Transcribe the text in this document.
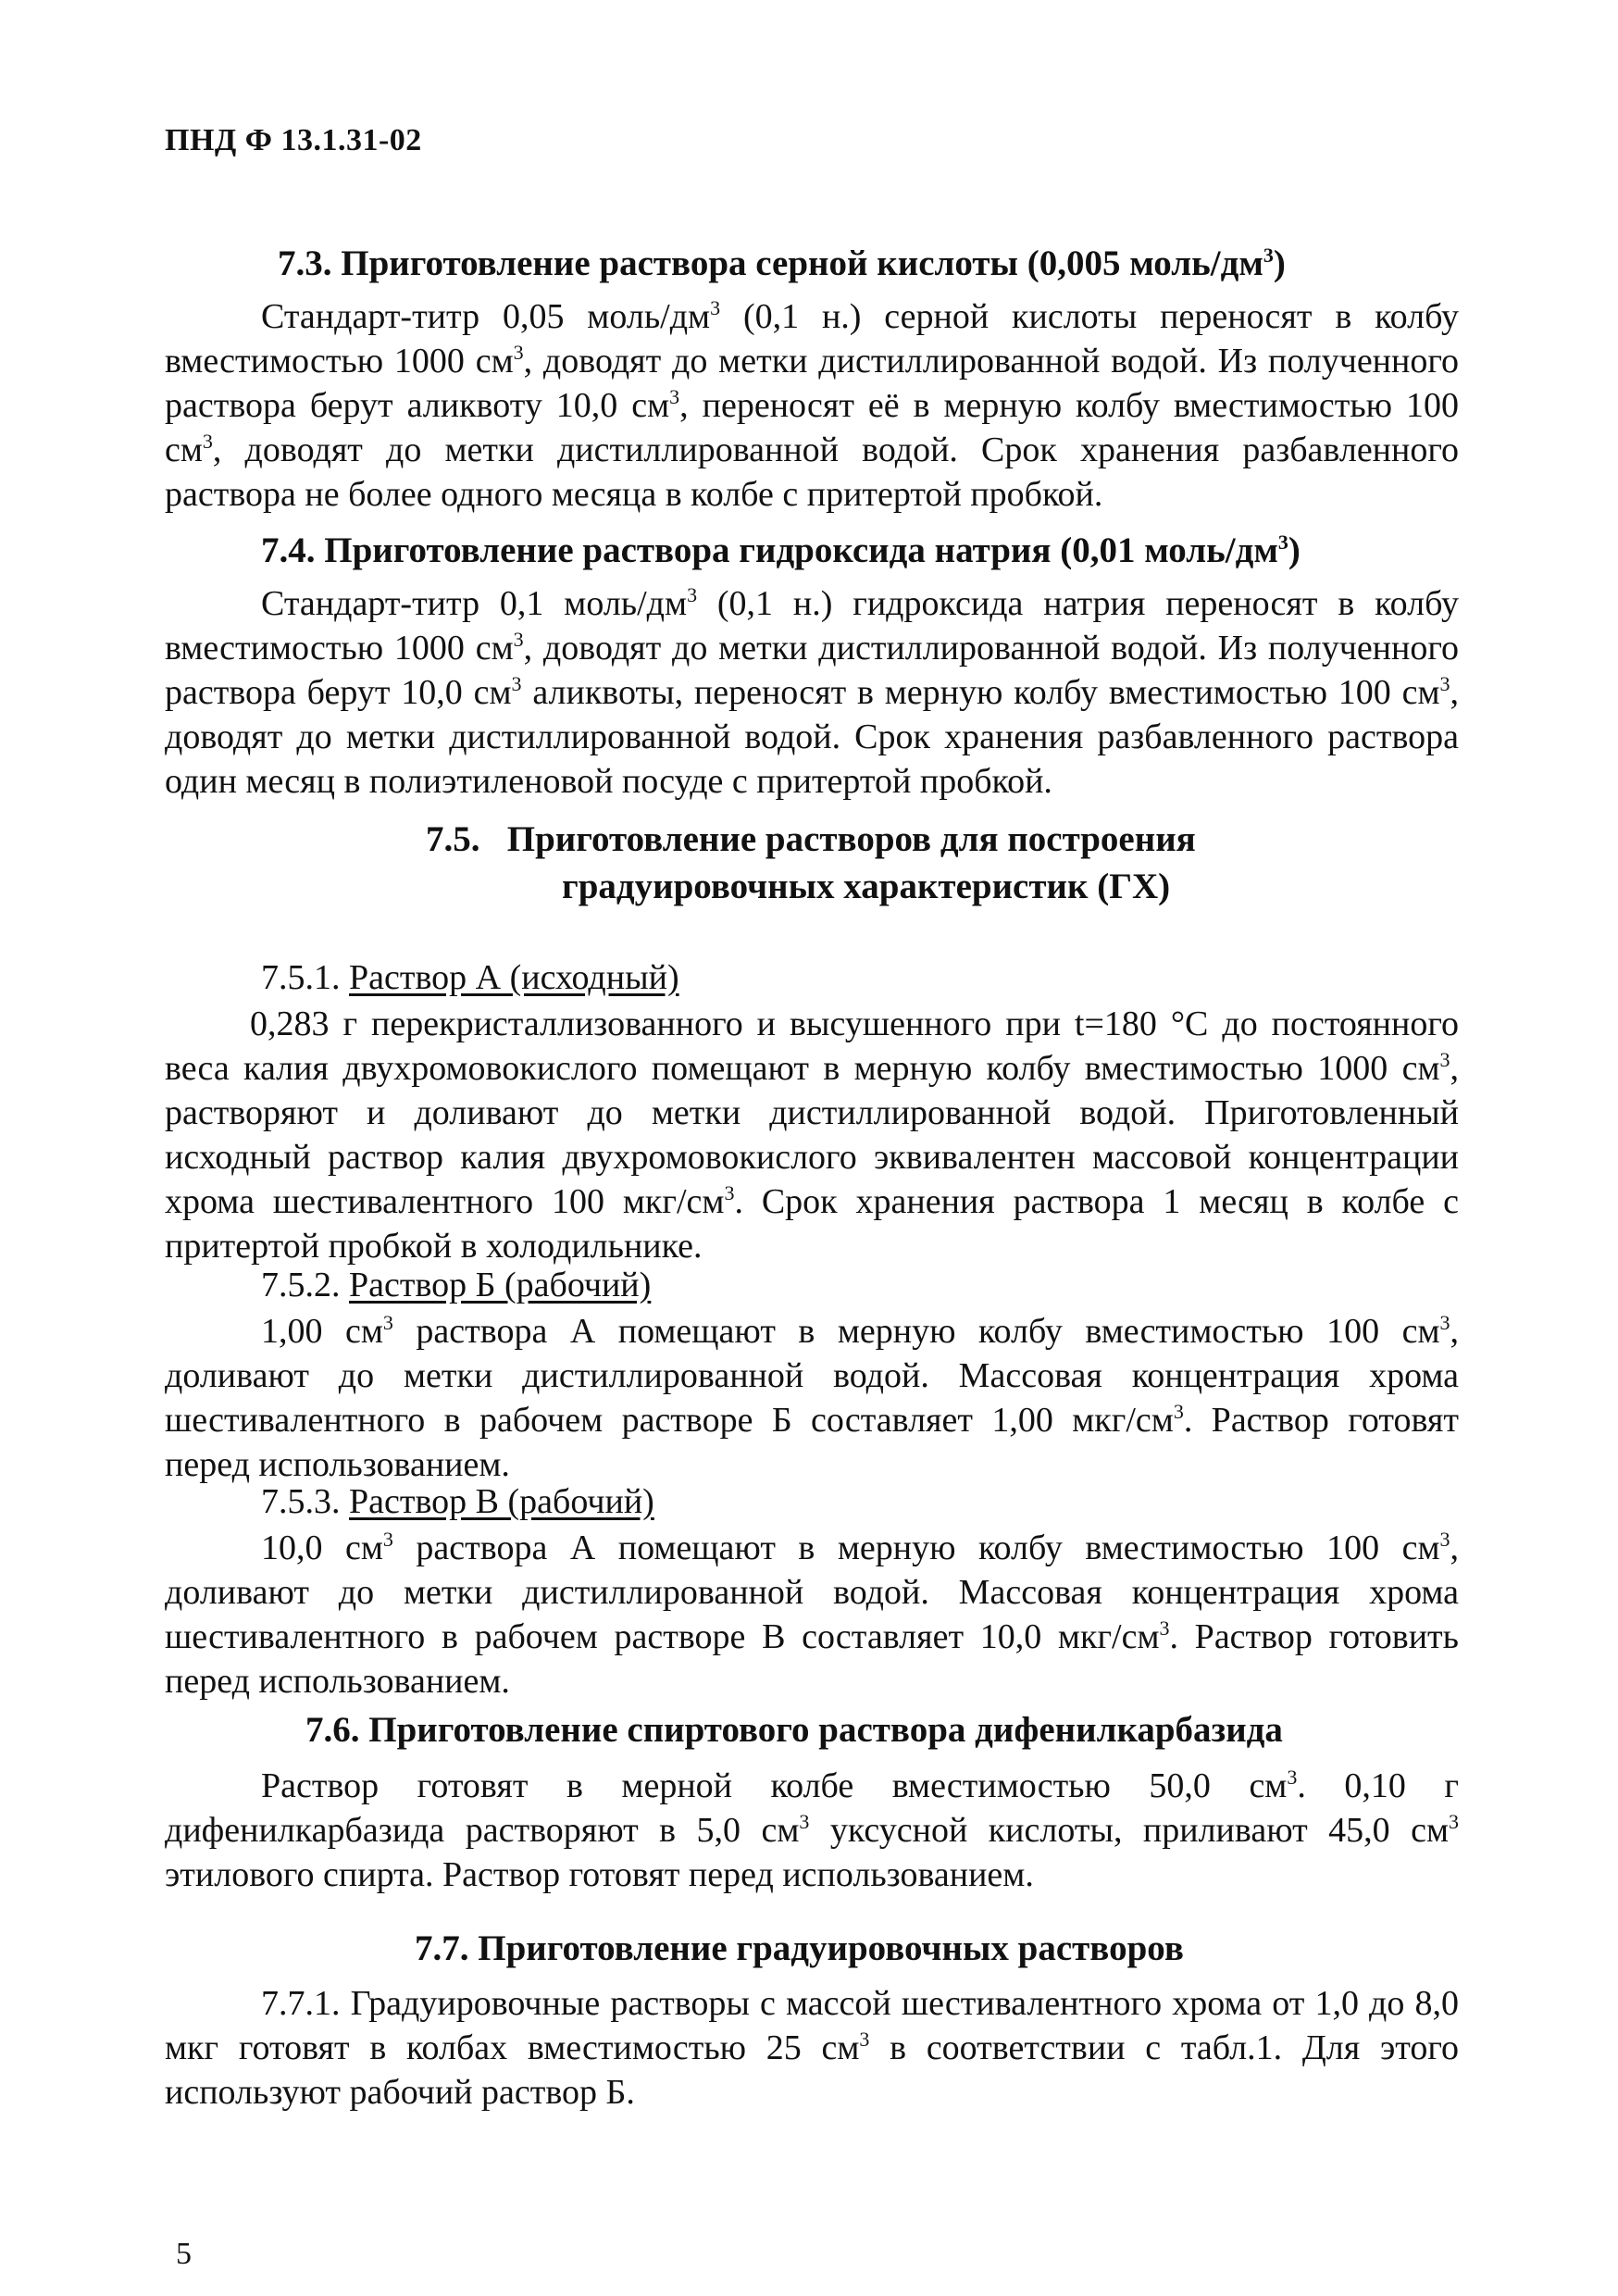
ПНД Ф 13.1.31-02
7.3. Приготовление раствора серной кислоты (0,005 моль/$дм^3$)

Стандарт-титр 0,05 моль/$дм^3$ (0,1 н.) серной кислоты переносят в колбу вместимостью 1000 $см^3$, доводят до метки дистиллированной водой. Из полученного раствора берут аликвоту 10,0 $см^3$, переносят её в мерную колбу вместимостью 100 $см^3$, доводят до метки дистиллированной водой. Срок хранения разбавленного раствора не более одного месяца в колбе с притертой пробкой.

7.4. Приготовление раствора гидроксида натрия (0,01 моль/$дм^3$)

Стандарт-титр 0,1 моль/$дм^3$ (0,1 н.) гидроксида натрия переносят в колбу вместимостью 1000 $см^3$, доводят до метки дистиллированной водой. Из полученного раствора берут 10,0 $см^3$ аликвоты, переносят в мерную колбу вместимостью 100 $см^3$, доводят до метки дистиллированной водой. Срок хранения разбавленного раствора один месяц в полиэтиленовой посуде с притертой пробкой.

7.5.   Приготовление растворов для построения
градуировочных характеристик (ГХ)
7.5.1. Раствор А (исходный)

0,283 г перекристаллизованного и высушенного при t=180 °С до постоянного веса калия двухромовокислого помещают в мерную колбу вместимостью 1000 $см^3$, растворяют и доливают до метки дистиллированной водой. Приготовленный исходный раствор калия двухромовокислого эквивалентен массовой концентрации хрома шестивалентного 100 мкг/$см^3$. Срок хранения раствора 1 месяц в колбе с притертой пробкой в холодильнике.

7.5.2. Раствор Б (рабочий)

1,00 $см^3$ раствора А помещают в мерную колбу вместимостью 100 $см^3$, доливают до метки дистиллированной водой. Массовая концентрация хрома шестивалентного в рабочем растворе Б составляет 1,00 мкг/$см^3$. Раствор готовят перед использованием.

7.5.3. Раствор В (рабочий)

10,0 $см^3$ раствора А помещают в мерную колбу вместимостью 100 $см^3$, доливают до метки дистиллированной водой. Массовая концентрация хрома шестивалентного в рабочем растворе В составляет 10,0 мкг/$см^3$. Раствор готовить перед использованием.

7.6. Приготовление спиртового раствора дифенилкарбазида

Раствор готовят в мерной колбе вместимостью 50,0 $см^3$. 0,10 г дифенилкарбазида растворяют в 5,0 $см^3$ уксусной кислоты, приливают 45,0 $см^3$ этилового спирта. Раствор готовят перед использованием.

7.7. Приготовление градуировочных растворов

7.7.1. Градуировочные растворы с массой шестивалентного хрома от 1,0 до 8,0 мкг готовят в колбах вместимостью 25 $см^3$ в соответствии с табл.1. Для этого используют рабочий раствор Б.

5
